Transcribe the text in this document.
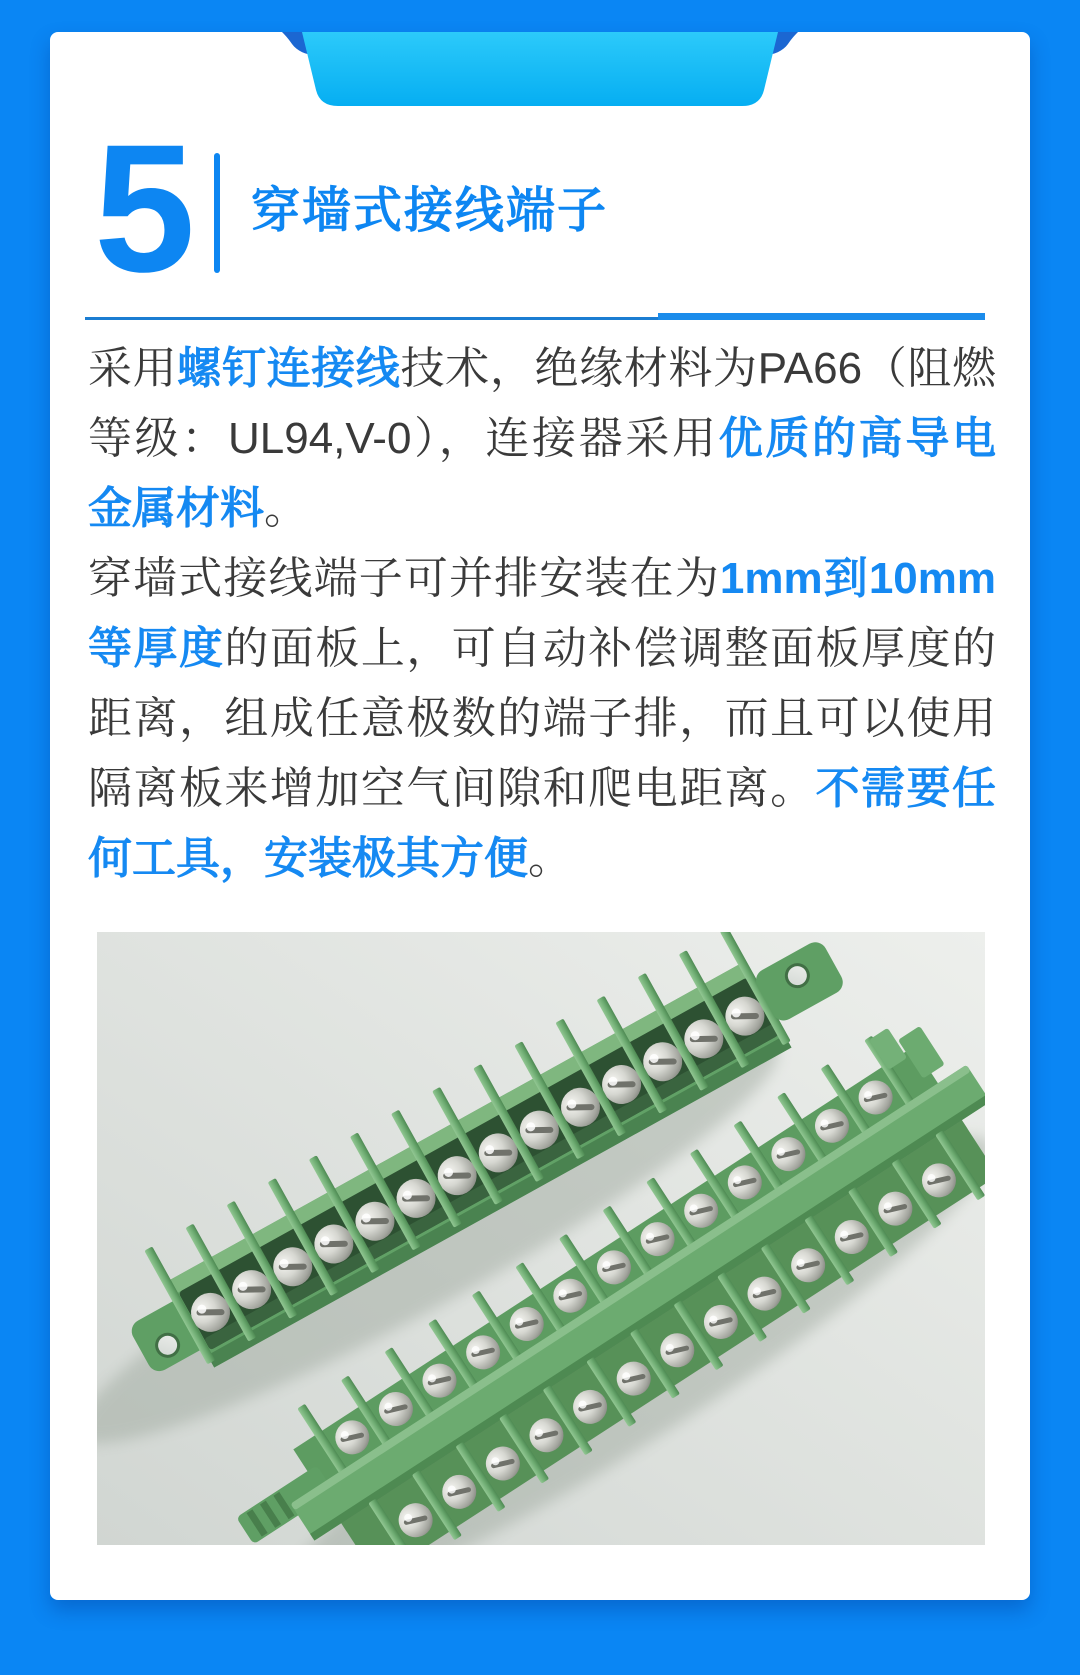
5 穿墙式接线端子

采用螺钉连接线技术，绝缘材料为PA66（阻燃等级：UL94,V-0），连接器采用优质的高导电金属材料。

穿墙式接线端子可并排安装在为1mm到10mm等厚度的面板上，可自动补偿调整面板厚度的距离，组成任意极数的端子排，而且可以使用隔离板来增加空气间隙和爬电距离。不需要任何工具，安装极其方便。
